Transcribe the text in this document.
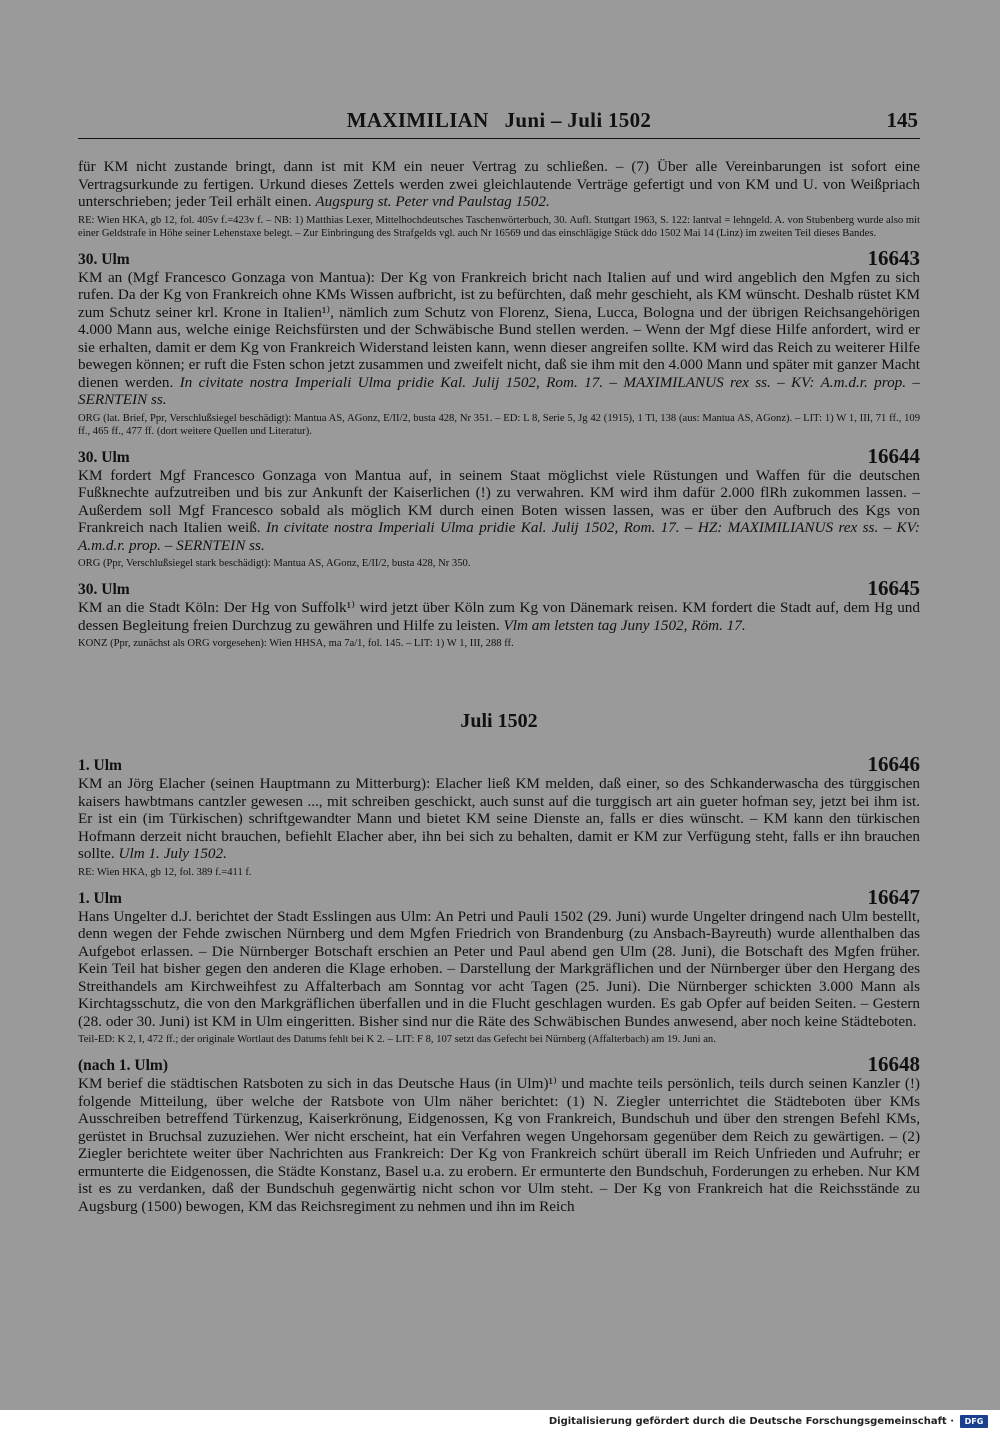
MAXIMILIAN Juni – Juli 1502	145

für KM nicht zustande bringt, dann ist mit KM ein neuer Vertrag zu schließen. – (7) Über alle Vereinbarungen ist sofort eine Vertragsurkunde zu fertigen. Urkund dieses Zettels werden zwei gleichlautende Verträge gefertigt und von KM und U. von Weißpriach unterschrieben; jeder Teil erhält einen. Augspurg st. Peter vnd Paulstag 1502.

RE: Wien HKA, gb 12, fol. 405v f.=423v f. – NB: 1) Matthias Lexer, Mittelhochdeutsches Taschenwörterbuch, 30. Aufl. Stuttgart 1963, S. 122: lantval = lehngeld. A. von Stubenberg wurde also mit einer Geldstrafe in Höhe seiner Lehenstaxe belegt. – Zur Einbringung des Strafgelds vgl. auch Nr 16569 und das einschlägige Stück ddo 1502 Mai 14 (Linz) im zweiten Teil dieses Bandes.

30. Ulm	16643

KM an (Mgf Francesco Gonzaga von Mantua): Der Kg von Frankreich bricht nach Italien auf und wird angeblich den Mgfen zu sich rufen. Da der Kg von Frankreich ohne KMs Wissen aufbricht, ist zu befürchten, daß mehr geschieht, als KM wünscht. Deshalb rüstet KM zum Schutz seiner krl. Krone in Italien¹⁾, nämlich zum Schutz von Florenz, Siena, Lucca, Bologna und der übrigen Reichsangehörigen 4.000 Mann aus, welche einige Reichsfürsten und der Schwäbische Bund stellen werden. – Wenn der Mgf diese Hilfe anfordert, wird er sie erhalten, damit er dem Kg von Frankreich Widerstand leisten kann, wenn dieser angreifen sollte. KM wird das Reich zu weiterer Hilfe bewegen können; er ruft die Fsten schon jetzt zusammen und zweifelt nicht, daß sie ihm mit den 4.000 Mann und später mit ganzer Macht dienen werden. In civitate nostra Imperiali Ulma pridie Kal. Julij 1502, Rom. 17. – MAXIMILANUS rex ss. – KV: A.m.d.r. prop. – SERNTEIN ss.

ORG (lat. Brief, Ppr, Verschlußsiegel beschädigt): Mantua AS, AGonz, E/II/2, busta 428, Nr 351. – ED: L 8, Serie 5, Jg 42 (1915), 1 Tl, 138 (aus: Mantua AS, AGonz). – LIT: 1) W 1, III, 71 ff., 109 ff., 465 ff., 477 ff. (dort weitere Quellen und Literatur).

30. Ulm	16644

KM fordert Mgf Francesco Gonzaga von Mantua auf, in seinem Staat möglichst viele Rüstungen und Waffen für die deutschen Fußknechte aufzutreiben und bis zur Ankunft der Kaiserlichen (!) zu verwahren. KM wird ihm dafür 2.000 flRh zukommen lassen. – Außerdem soll Mgf Francesco sobald als möglich KM durch einen Boten wissen lassen, was er über den Aufbruch des Kgs von Frankreich nach Italien weiß. In civitate nostra Imperiali Ulma pridie Kal. Julij 1502, Rom. 17. – HZ: MAXIMILIANUS rex ss. – KV: A.m.d.r. prop. – SERNTEIN ss.

ORG (Ppr, Verschlußsiegel stark beschädigt): Mantua AS, AGonz, E/II/2, busta 428, Nr 350.

30. Ulm	16645

KM an die Stadt Köln: Der Hg von Suffolk¹⁾ wird jetzt über Köln zum Kg von Dänemark reisen. KM fordert die Stadt auf, dem Hg und dessen Begleitung freien Durchzug zu gewähren und Hilfe zu leisten. Vlm am letsten tag Juny 1502, Röm. 17.

KONZ (Ppr, zunächst als ORG vorgesehen): Wien HHSA, ma 7a/1, fol. 145. – LIT: 1) W 1, III, 288 ff.

Juli 1502
1. Ulm	16646

KM an Jörg Elacher (seinen Hauptmann zu Mitterburg): Elacher ließ KM melden, daß einer, so des Schkanderwascha des türggischen kaisers hawbtmans cantzler gewesen ..., mit schreiben geschickt, auch sunst auf die turggisch art ain gueter hofman sey, jetzt bei ihm ist. Er ist ein (im Türkischen) schriftgewandter Mann und bietet KM seine Dienste an, falls er dies wünscht. – KM kann den türkischen Hofmann derzeit nicht brauchen, befiehlt Elacher aber, ihn bei sich zu behalten, damit er KM zur Verfügung steht, falls er ihn brauchen sollte. Ulm 1. July 1502.

RE: Wien HKA, gb 12, fol. 389 f.=411 f.

1. Ulm	16647

Hans Ungelter d.J. berichtet der Stadt Esslingen aus Ulm: An Petri und Pauli 1502 (29. Juni) wurde Ungelter dringend nach Ulm bestellt, denn wegen der Fehde zwischen Nürnberg und dem Mgfen Friedrich von Brandenburg (zu Ansbach-Bayreuth) wurde allenthalben das Aufgebot erlassen. – Die Nürnberger Botschaft erschien an Peter und Paul abend gen Ulm (28. Juni), die Botschaft des Mgfen früher. Kein Teil hat bisher gegen den anderen die Klage erhoben. – Darstellung der Markgräflichen und der Nürnberger über den Hergang des Streithandels am Kirchweihfest zu Affalterbach am Sonntag vor acht Tagen (25. Juni). Die Nürnberger schickten 3.000 Mann als Kirchtagsschutz, die von den Markgräflichen überfallen und in die Flucht geschlagen wurden. Es gab Opfer auf beiden Seiten. – Gestern (28. oder 30. Juni) ist KM in Ulm eingeritten. Bisher sind nur die Räte des Schwäbischen Bundes anwesend, aber noch keine Städteboten.

Teil-ED: K 2, I, 472 ff.; der originale Wortlaut des Datums fehlt bei K 2. – LIT: F 8, 107 setzt das Gefecht bei Nürnberg (Affalterbach) am 19. Juni an.

(nach 1. Ulm)	16648

KM berief die städtischen Ratsboten zu sich in das Deutsche Haus (in Ulm)¹⁾ und machte teils persönlich, teils durch seinen Kanzler (!) folgende Mitteilung, über welche der Ratsbote von Ulm näher berichtet: (1) N. Ziegler unterrichtet die Städteboten über KMs Ausschreiben betreffend Türkenzug, Kaiserkrönung, Eidgenossen, Kg von Frankreich, Bundschuh und über den strengen Befehl KMs, gerüstet in Bruchsal zuzuziehen. Wer nicht erscheint, hat ein Verfahren wegen Ungehorsam gegenüber dem Reich zu gewärtigen. – (2) Ziegler berichtete weiter über Nachrichten aus Frankreich: Der Kg von Frankreich schürt überall im Reich Unfrieden und Aufruhr; er ermunterte die Eidgenossen, die Städte Konstanz, Basel u.a. zu erobern. Er ermunterte den Bundschuh, Forderungen zu erheben. Nur KM ist es zu verdanken, daß der Bundschuh gegenwärtig nicht schon vor Ulm steht. – Der Kg von Frankreich hat die Reichsstände zu Augsburg (1500) bewogen, KM das Reichsregiment zu nehmen und ihn im Reich

Digitalisierung gefördert durch die Deutsche Forschungsgemeinschaft ·	DFG
